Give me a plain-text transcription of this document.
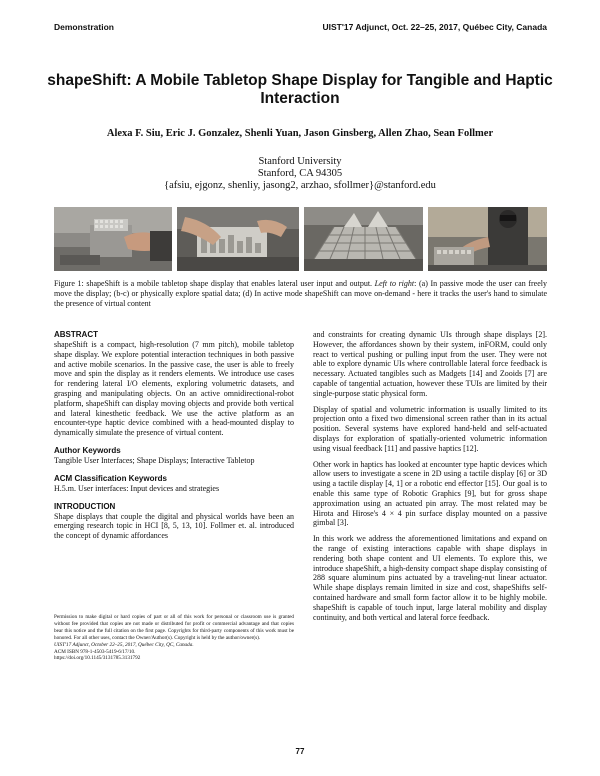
Demonstration	UIST'17 Adjunct, Oct. 22–25, 2017, Québec City, Canada
shapeShift: A Mobile Tabletop Shape Display for Tangible and Haptic Interaction
Alexa F. Siu, Eric J. Gonzalez, Shenli Yuan, Jason Ginsberg, Allen Zhao, Sean Follmer
Stanford University
Stanford, CA 94305
{afsiu, ejgonz, shenliy, jasong2, arzhao, sfollmer}@stanford.edu
Figure 1: shapeShift is a mobile tabletop shape display that enables lateral user input and output. Left to right: (a) In passive mode the user can freely move the display; (b-c) or physically explore spatial data; (d) In active mode shapeShift can move on-demand - here it tracks the user's hand to simulate the presence of virtual content
ABSTRACT

shapeShift is a compact, high-resolution (7 mm pitch), mobile tabletop shape display. We explore potential interaction techniques in both passive and active mobile scenarios. In the passive case, the user is able to freely move and spin the display as it renders elements. We introduce use cases for rendering lateral I/O elements, exploring volumetric datasets, and grasping and manipulating objects. On an active omnidirectional-robot platform, shapeShift can display moving objects and provide both vertical and lateral kinesthetic feedback. We use the active platform as an encounter-type haptic device combined with a head-mounted display to dynamically simulate the presence of virtual content.

Author Keywords

Tangible User Interfaces; Shape Displays; Interactive Tabletop

ACM Classification Keywords

H.5.m. User interfaces: Input devices and strategies

INTRODUCTION

Shape displays that couple the digital and physical worlds have been an emerging research topic in HCI [8, 5, 13, 10]. Follmer et. al. introduced the concept of dynamic affordances

Permission to make digital or hard copies of part or all of this work for personal or classroom use is granted without fee provided that copies are not made or distributed for profit or commercial advantage and that copies bear this notice and the full citation on the first page. Copyrights for third-party components of this work must be honored. For all other uses, contact the Owner/Author(s). Copyright is held by the author/owner(s).
UIST'17 Adjunct, October 22–25, 2017, Québec City, QC, Canada.
ACM ISBN 978-1-4503-5419-6/17/10.
https://doi.org/10.1145/3131785.3131792

and constraints for creating dynamic UIs through shape displays [2]. However, the affordances shown by their system, inFORM, could only react to vertical pushing or pulling input from the user. They were not able to explore dynamic UIs where controllable lateral force feedback is necessary. Actuated tangibles such as Madgets [14] and Zooids [7] are capable of tangential actuation, however these TUIs are limited by their single-purpose static physical form.

Display of spatial and volumetric information is usually limited to its projection onto a fixed two dimensional screen rather than in its actual position. Several systems have explored hand-held and self-actuated displays for exploration of spatially-oriented volumetric information using visual feedback [11] and passive haptics [12].

Other work in haptics has looked at encounter type haptic devices which allow users to investigate a scene in 2D using a tactile display [6] or 3D using a tactile display [4, 1] or a robotic end effector [15]. Our goal is to enable this same type of Robotic Graphics [9], but for gross shape approximation using an actuated pin array. The most related may be Hirota and Hirose's 4 × 4 pin surface display mounted on a passive gimbal [3].

In this work we address the aforementioned limitations and expand on the range of existing interactions capable with shape displays in rendering both shape content and UI elements. To explore this, we introduce shapeShift, a high-density compact shape display consisting of 288 square aluminum pins actuated by a traveling-nut linear actuator. While shape displays remain limited in size and cost, shapeShifts self-contained hardware and small form factor allow it to be highly mobile. shapeShift is capable of touch input, large lateral mobility and display continuity, and both vertical and lateral force feedback.

77
